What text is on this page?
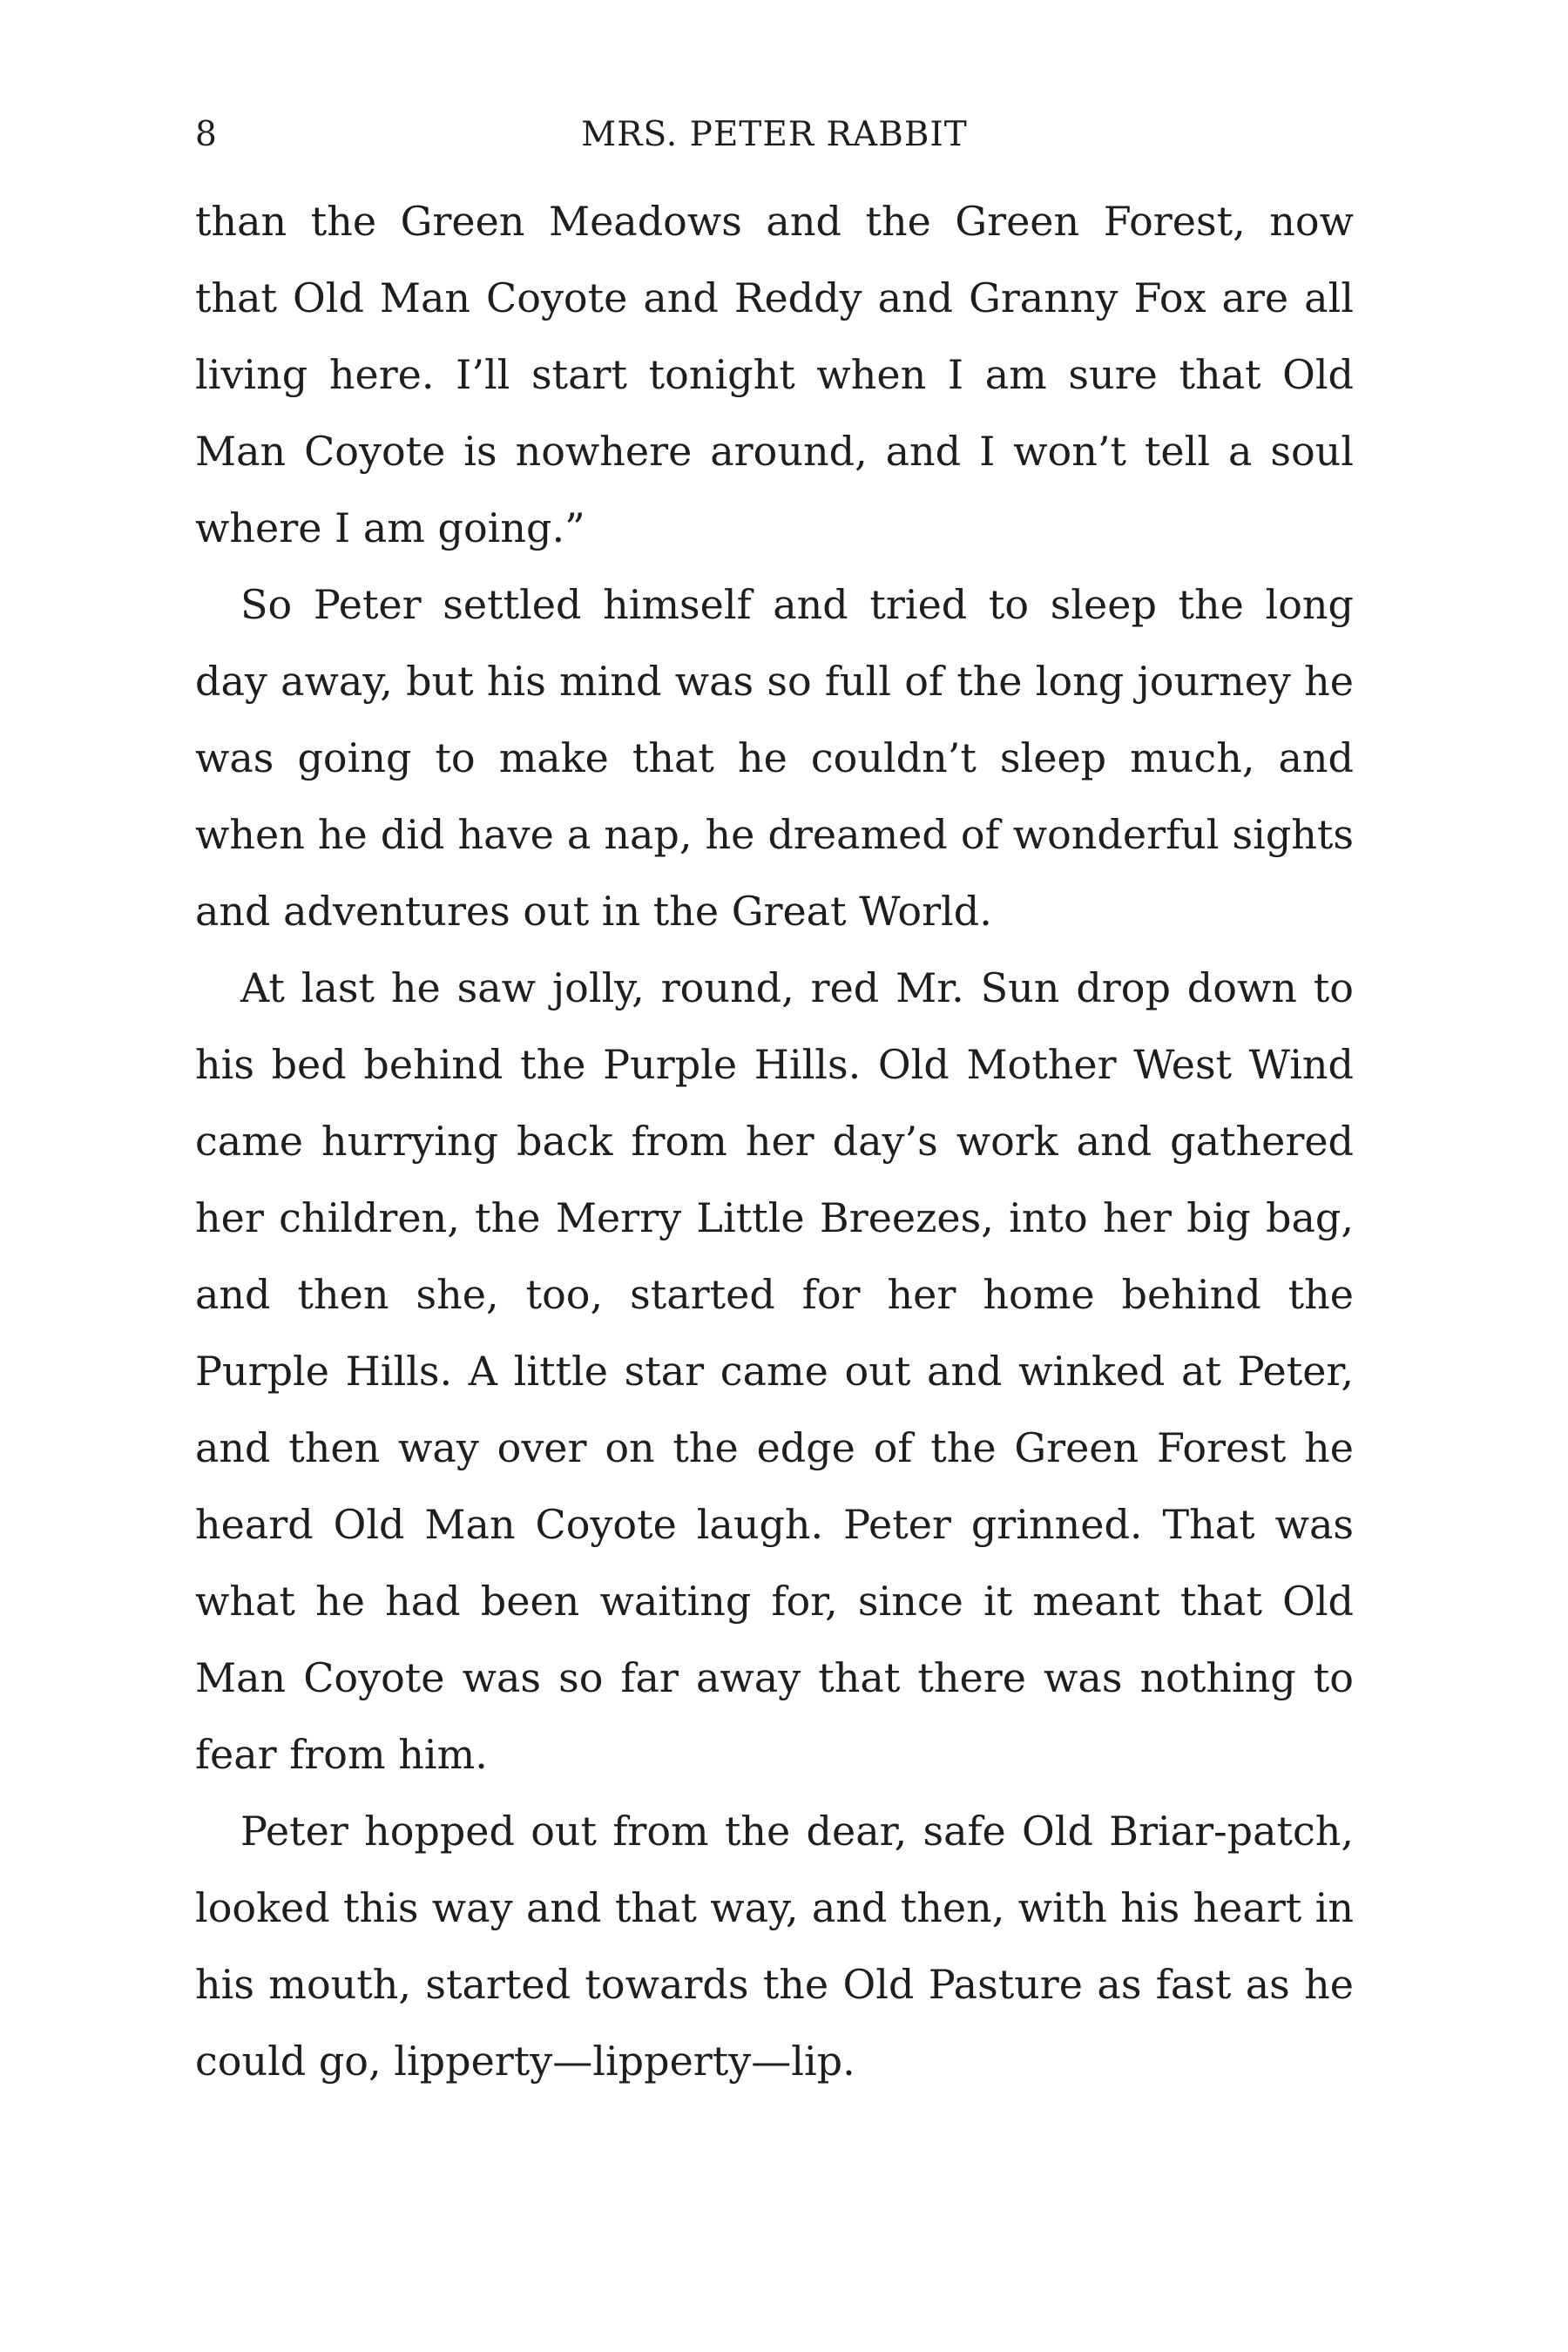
8	MRS. PETER RABBIT

than the Green Meadows and the Green Forest, now that Old Man Coyote and Reddy and Granny Fox are all living here. I’ll start tonight when I am sure that Old Man Coyote is nowhere around, and I won’t tell a soul where I am going.”

So Peter settled himself and tried to sleep the long day away, but his mind was so full of the long journey he was going to make that he couldn’t sleep much, and when he did have a nap, he dreamed of wonderful sights and adventures out in the Great World.

At last he saw jolly, round, red Mr. Sun drop down to his bed behind the Purple Hills. Old Mother West Wind came hurrying back from her day’s work and gathered her children, the Merry Little Breezes, into her big bag, and then she, too, started for her home behind the Purple Hills. A little star came out and winked at Peter, and then way over on the edge of the Green Forest he heard Old Man Coyote laugh. Peter grinned. That was what he had been waiting for, since it meant that Old Man Coyote was so far away that there was nothing to fear from him.

Peter hopped out from the dear, safe Old Briar-patch, looked this way and that way, and then, with his heart in his mouth, started towards the Old Pasture as fast as he could go, lipperty—lipperty—lip.
